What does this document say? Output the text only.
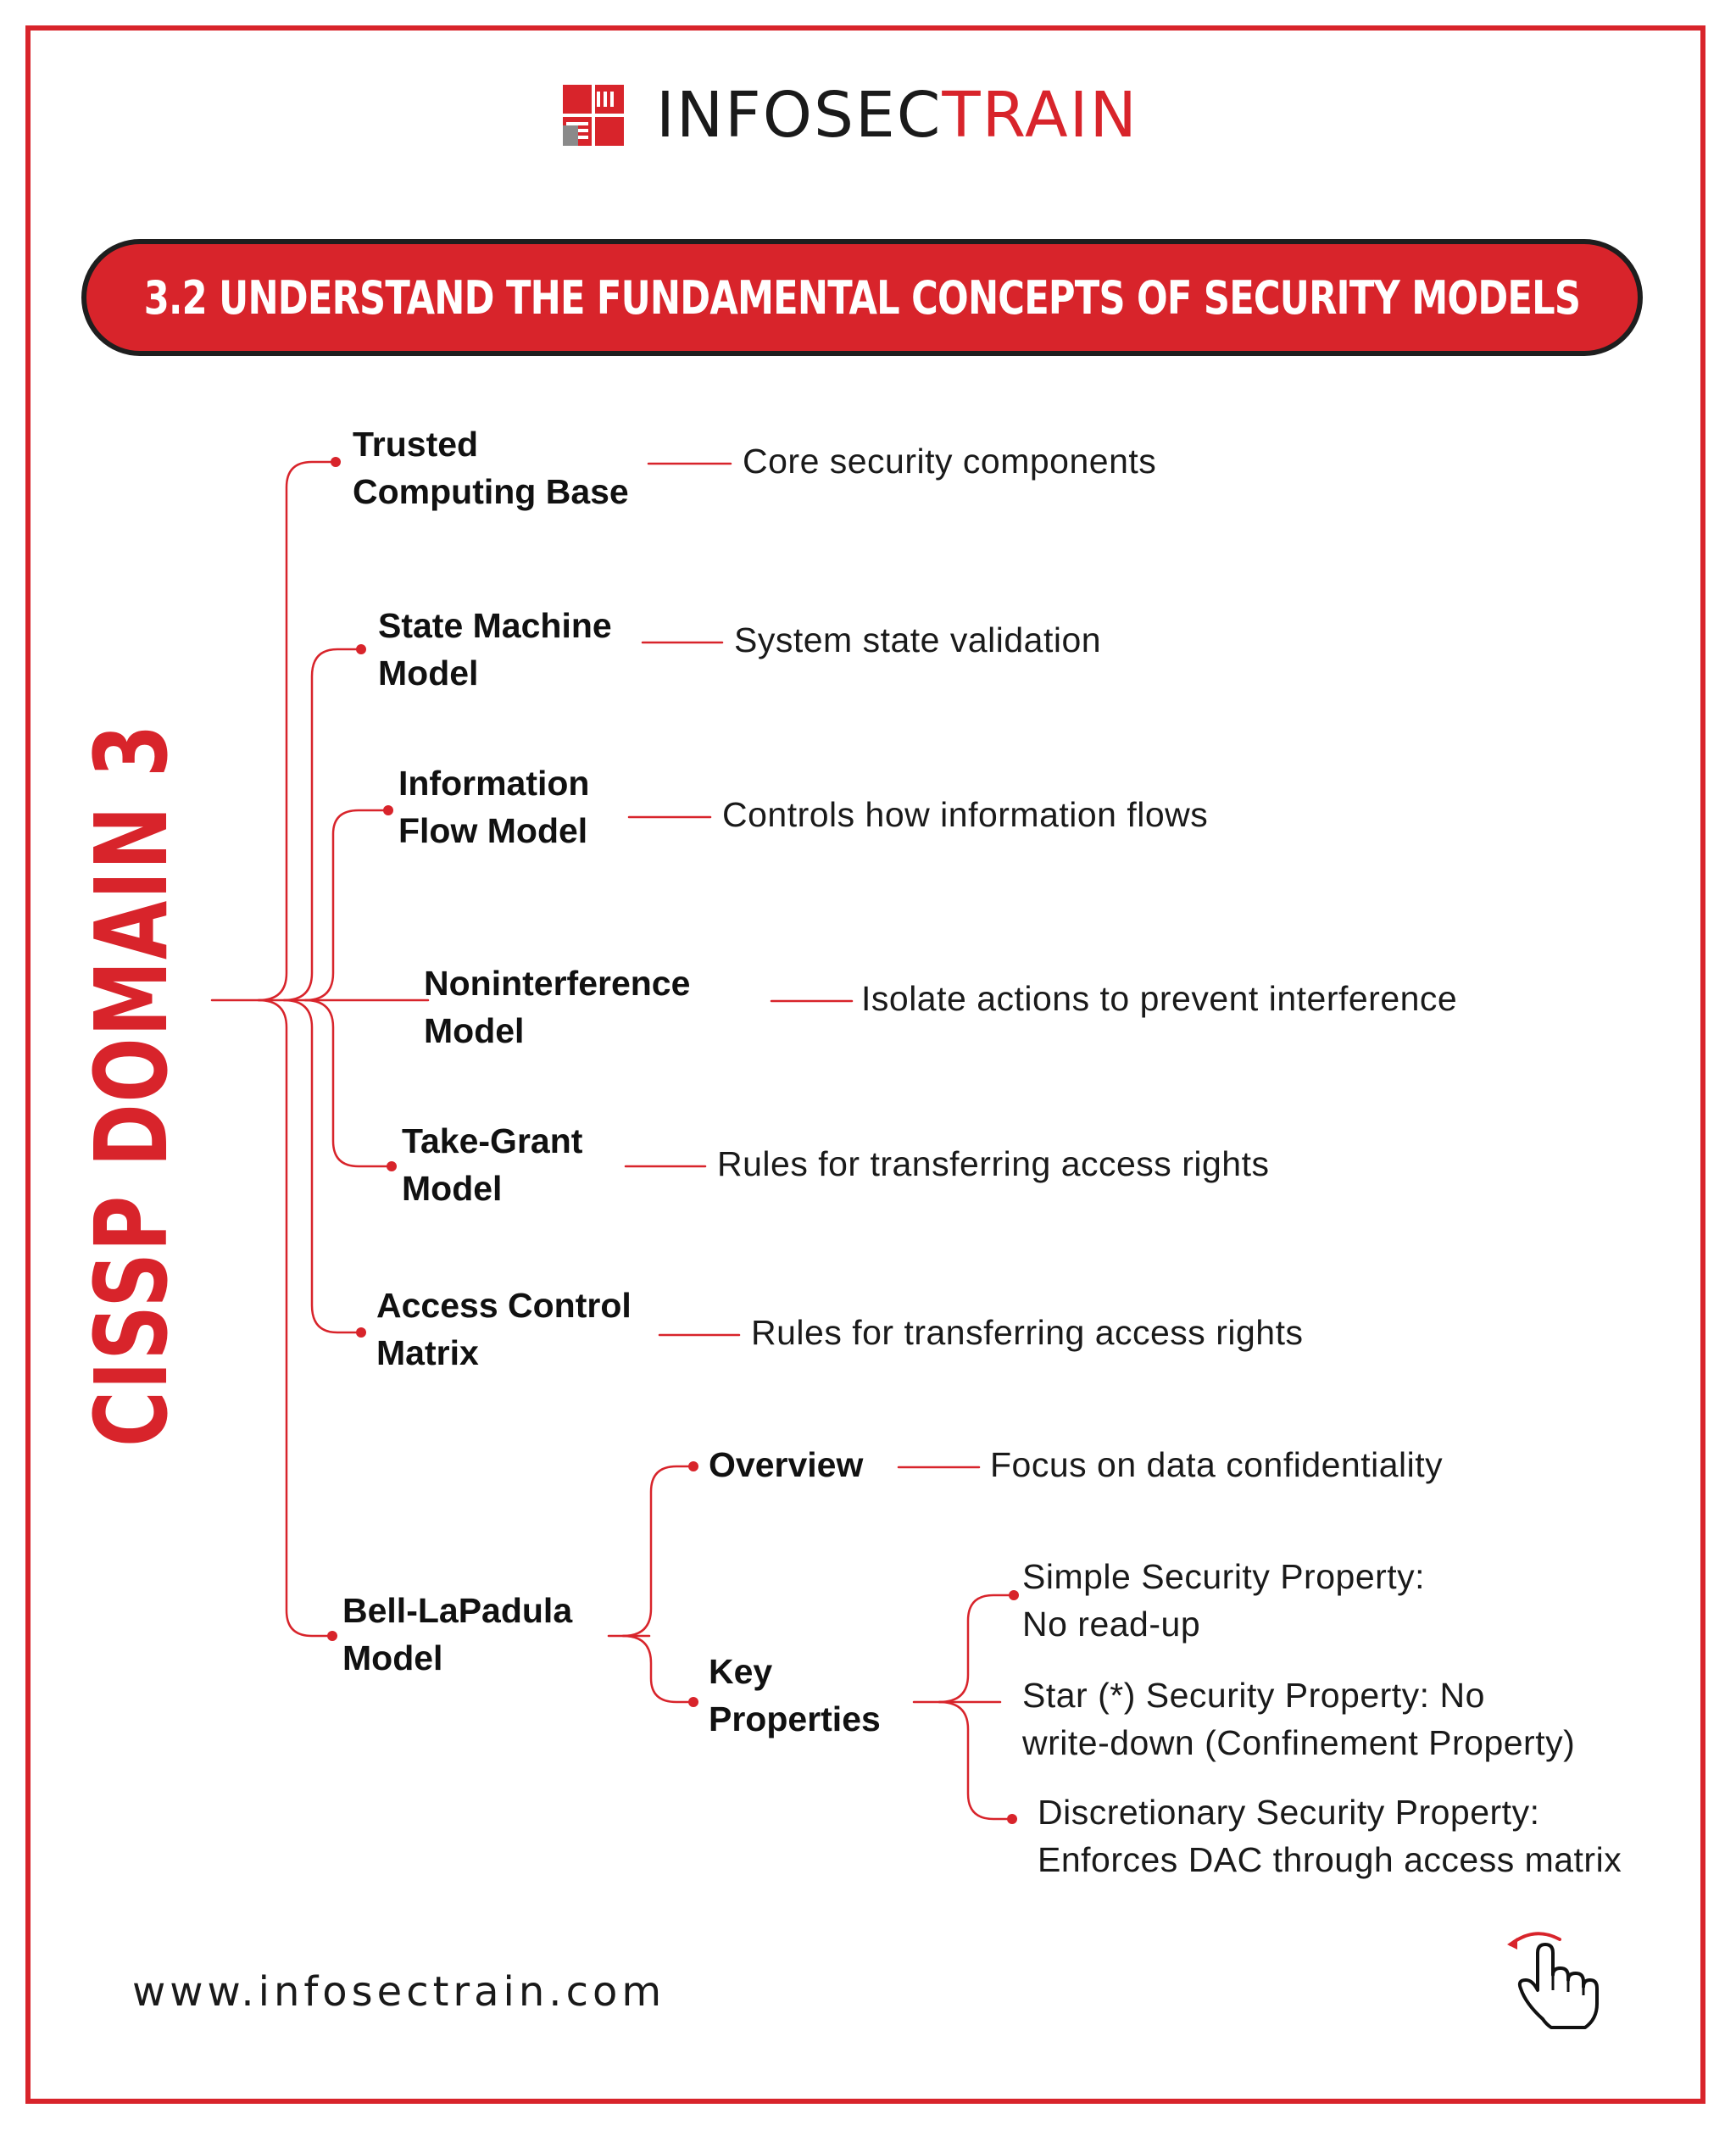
INFOSECTRAIN
3.2 UNDERSTAND THE FUNDAMENTAL CONCEPTS OF SECURITY MODELS
CISSP DOMAIN 3
Trusted
Computing Base
Core security components
State Machine
Model
System state validation
Information
Flow Model	Controls how information flows
Noninterference
Model
Isolate actions to prevent interference
Take-Grant
Model
Rules for transferring access rights
Access Control
Matrix
Rules for transferring access rights
Bell-LaPadula
Model
Overview	Focus on data confidentiality
Key
Properties
Simple Security Property:
No read-up
Star (*) Security Property: No
write-down (Confinement Property)
Discretionary Security Property:
Enforces DAC through access matrix
www.infosectrain.com
